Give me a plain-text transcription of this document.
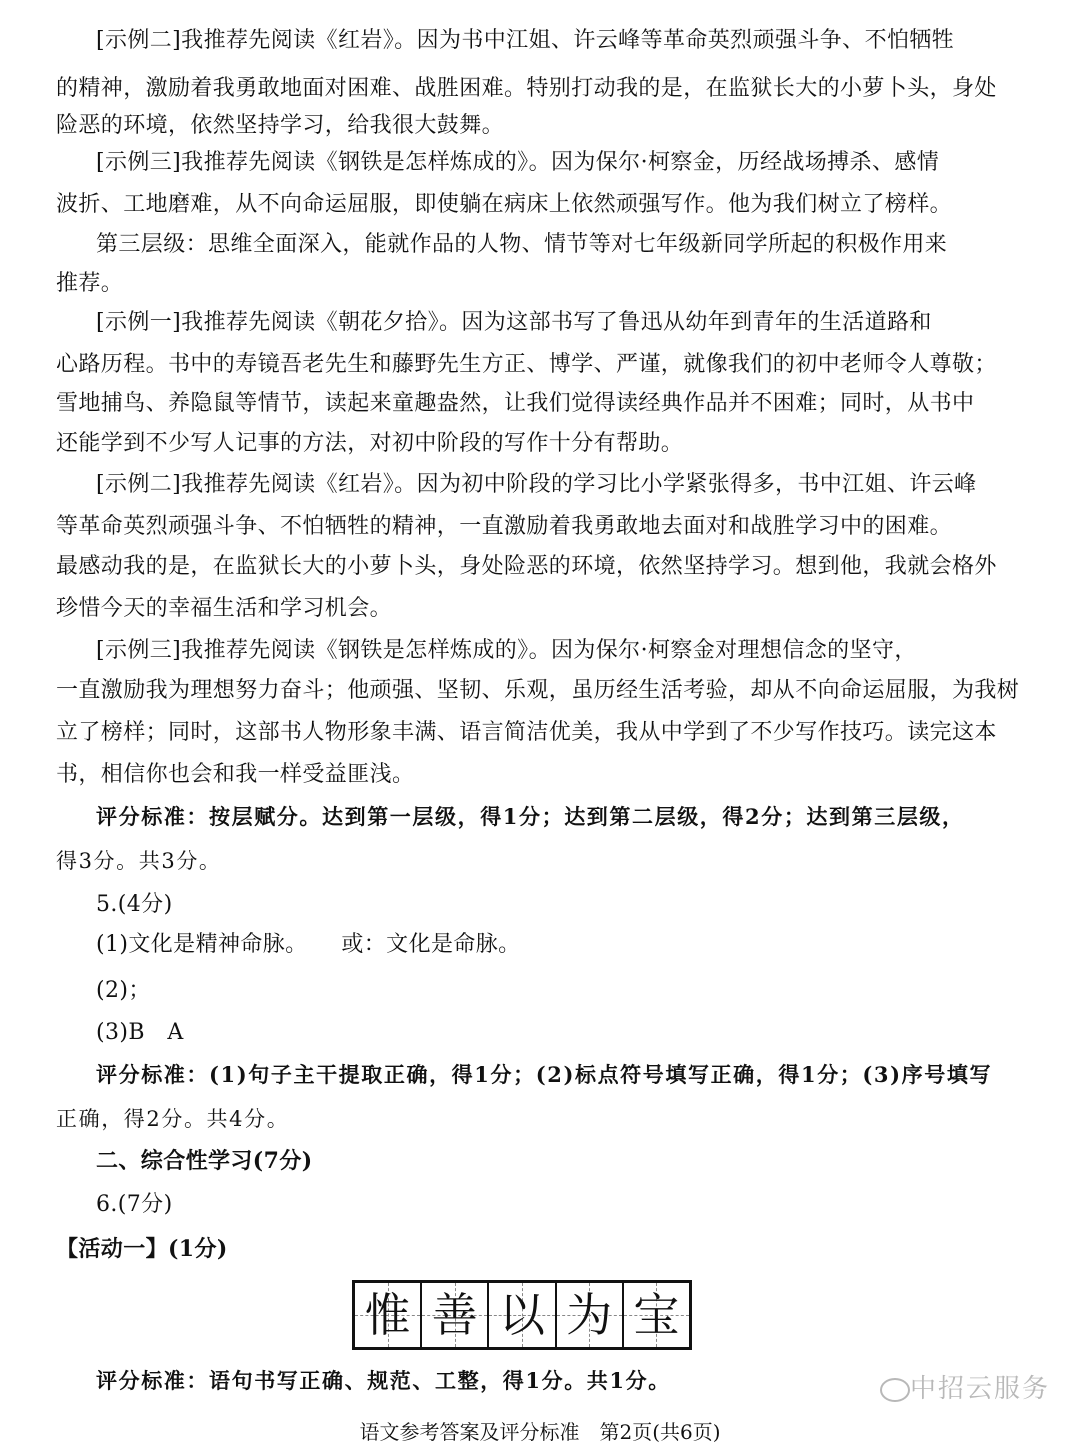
[示例二]我推荐先阅读《红岩》。因为书中江姐、许云峰等革命英烈顽强斗争、不怕牺牲
的精神，激励着我勇敢地面对困难、战胜困难。特别打动我的是，在监狱长大的小萝卜头，身处
险恶的环境，依然坚持学习，给我很大鼓舞。
[示例三]我推荐先阅读《钢铁是怎样炼成的》。因为保尔·柯察金，历经战场搏杀、感情
波折、工地磨难，从不向命运屈服，即使躺在病床上依然顽强写作。他为我们树立了榜样。
第三层级：思维全面深入，能就作品的人物、情节等对七年级新同学所起的积极作用来
推荐。
[示例一]我推荐先阅读《朝花夕拾》。因为这部书写了鲁迅从幼年到青年的生活道路和
心路历程。书中的寿镜吾老先生和藤野先生方正、博学、严谨，就像我们的初中老师令人尊敬；
雪地捕鸟、养隐鼠等情节，读起来童趣盎然，让我们觉得读经典作品并不困难；同时，从书中
还能学到不少写人记事的方法，对初中阶段的写作十分有帮助。
[示例二]我推荐先阅读《红岩》。因为初中阶段的学习比小学紧张得多，书中江姐、许云峰
等革命英烈顽强斗争、不怕牺牲的精神，一直激励着我勇敢地去面对和战胜学习中的困难。
最感动我的是，在监狱长大的小萝卜头，身处险恶的环境，依然坚持学习。想到他，我就会格外
珍惜今天的幸福生活和学习机会。
[示例三]我推荐先阅读《钢铁是怎样炼成的》。因为保尔·柯察金对理想信念的坚守，
一直激励我为理想努力奋斗；他顽强、坚韧、乐观，虽历经生活考验，却从不向命运屈服，为我树
立了榜样；同时，这部书人物形象丰满、语言简洁优美，我从中学到了不少写作技巧。读完这本
书，相信你也会和我一样受益匪浅。
评分标准：按层赋分。达到第一层级，得1分；达到第二层级，得2分；达到第三层级，
得3分。共3分。
5.(4分)
(1)文化是精神命脉。　　或：文化是命脉。
(2)；
(3)B　A
评分标准：(1)句子主干提取正确，得1分；(2)标点符号填写正确，得1分；(3)序号填写
正确，得2分。共4分。
二、综合性学习(7分)
6.(7分)
【活动一】(1分)
惟 善 以 为 宝
评分标准：语句书写正确、规范、工整，得1分。共1分。	中招云服务
语文参考答案及评分标准　第2页(共6页)
